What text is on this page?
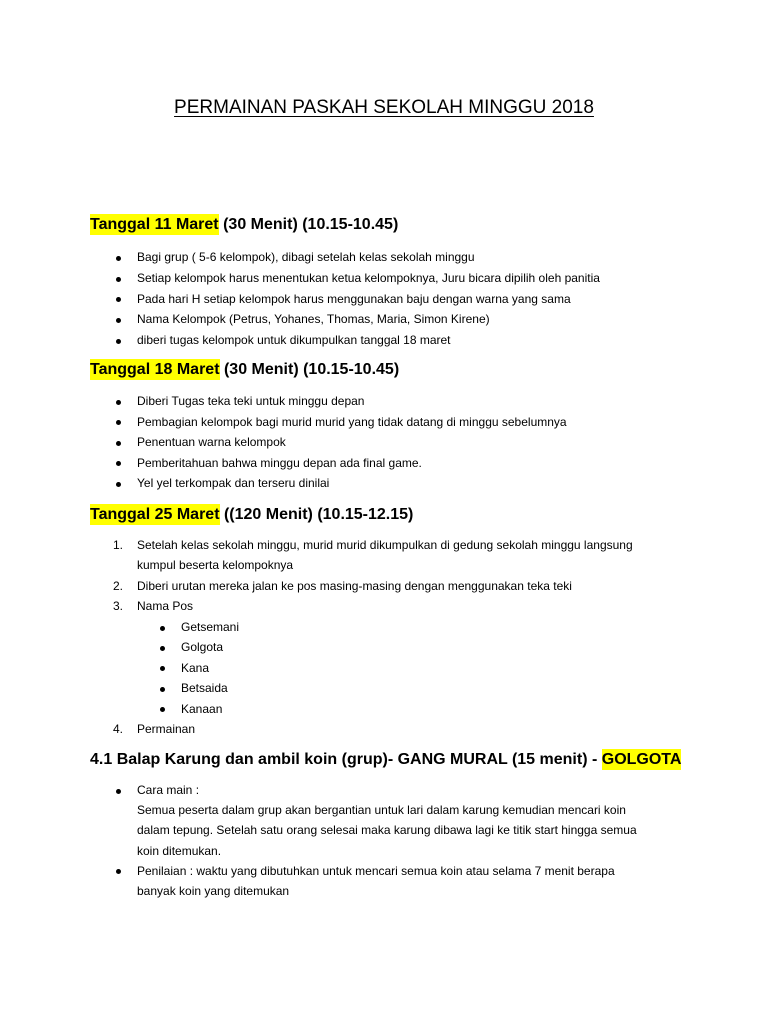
PERMAINAN PASKAH SEKOLAH MINGGU 2018
Tanggal 11 Maret (30 Menit) (10.15-10.45)
Bagi grup ( 5-6 kelompok), dibagi setelah kelas sekolah minggu
Setiap kelompok harus menentukan ketua kelompoknya, Juru bicara dipilih oleh panitia
Pada hari H setiap kelompok harus menggunakan baju dengan warna yang sama
Nama Kelompok (Petrus, Yohanes, Thomas, Maria, Simon Kirene)
diberi tugas kelompok untuk dikumpulkan tanggal 18 maret
Tanggal 18 Maret (30 Menit) (10.15-10.45)
Diberi Tugas teka teki untuk minggu depan
Pembagian kelompok bagi murid murid yang tidak datang di minggu sebelumnya
Penentuan warna kelompok
Pemberitahuan bahwa minggu depan ada final game.
Yel yel terkompak dan terseru dinilai
Tanggal 25 Maret ((120 Menit) (10.15-12.15)
1. Setelah kelas sekolah minggu, murid murid dikumpulkan di gedung sekolah minggu langsung
kumpul beserta kelompoknya
2. Diberi urutan mereka jalan ke pos masing-masing dengan menggunakan teka teki
3. Nama Pos
Getsemani
Golgota
Kana
Betsaida
Kanaan
4. Permainan
4.1 Balap Karung dan ambil koin (grup)- GANG MURAL (15 menit) - GOLGOTA
Cara main :
Semua peserta dalam grup akan bergantian untuk lari dalam karung kemudian mencari koin
dalam tepung. Setelah satu orang selesai maka karung dibawa lagi ke titik start hingga semua
koin ditemukan.
Penilaian : waktu yang dibutuhkan untuk mencari semua koin atau selama 7 menit berapa
banyak koin yang ditemukan
